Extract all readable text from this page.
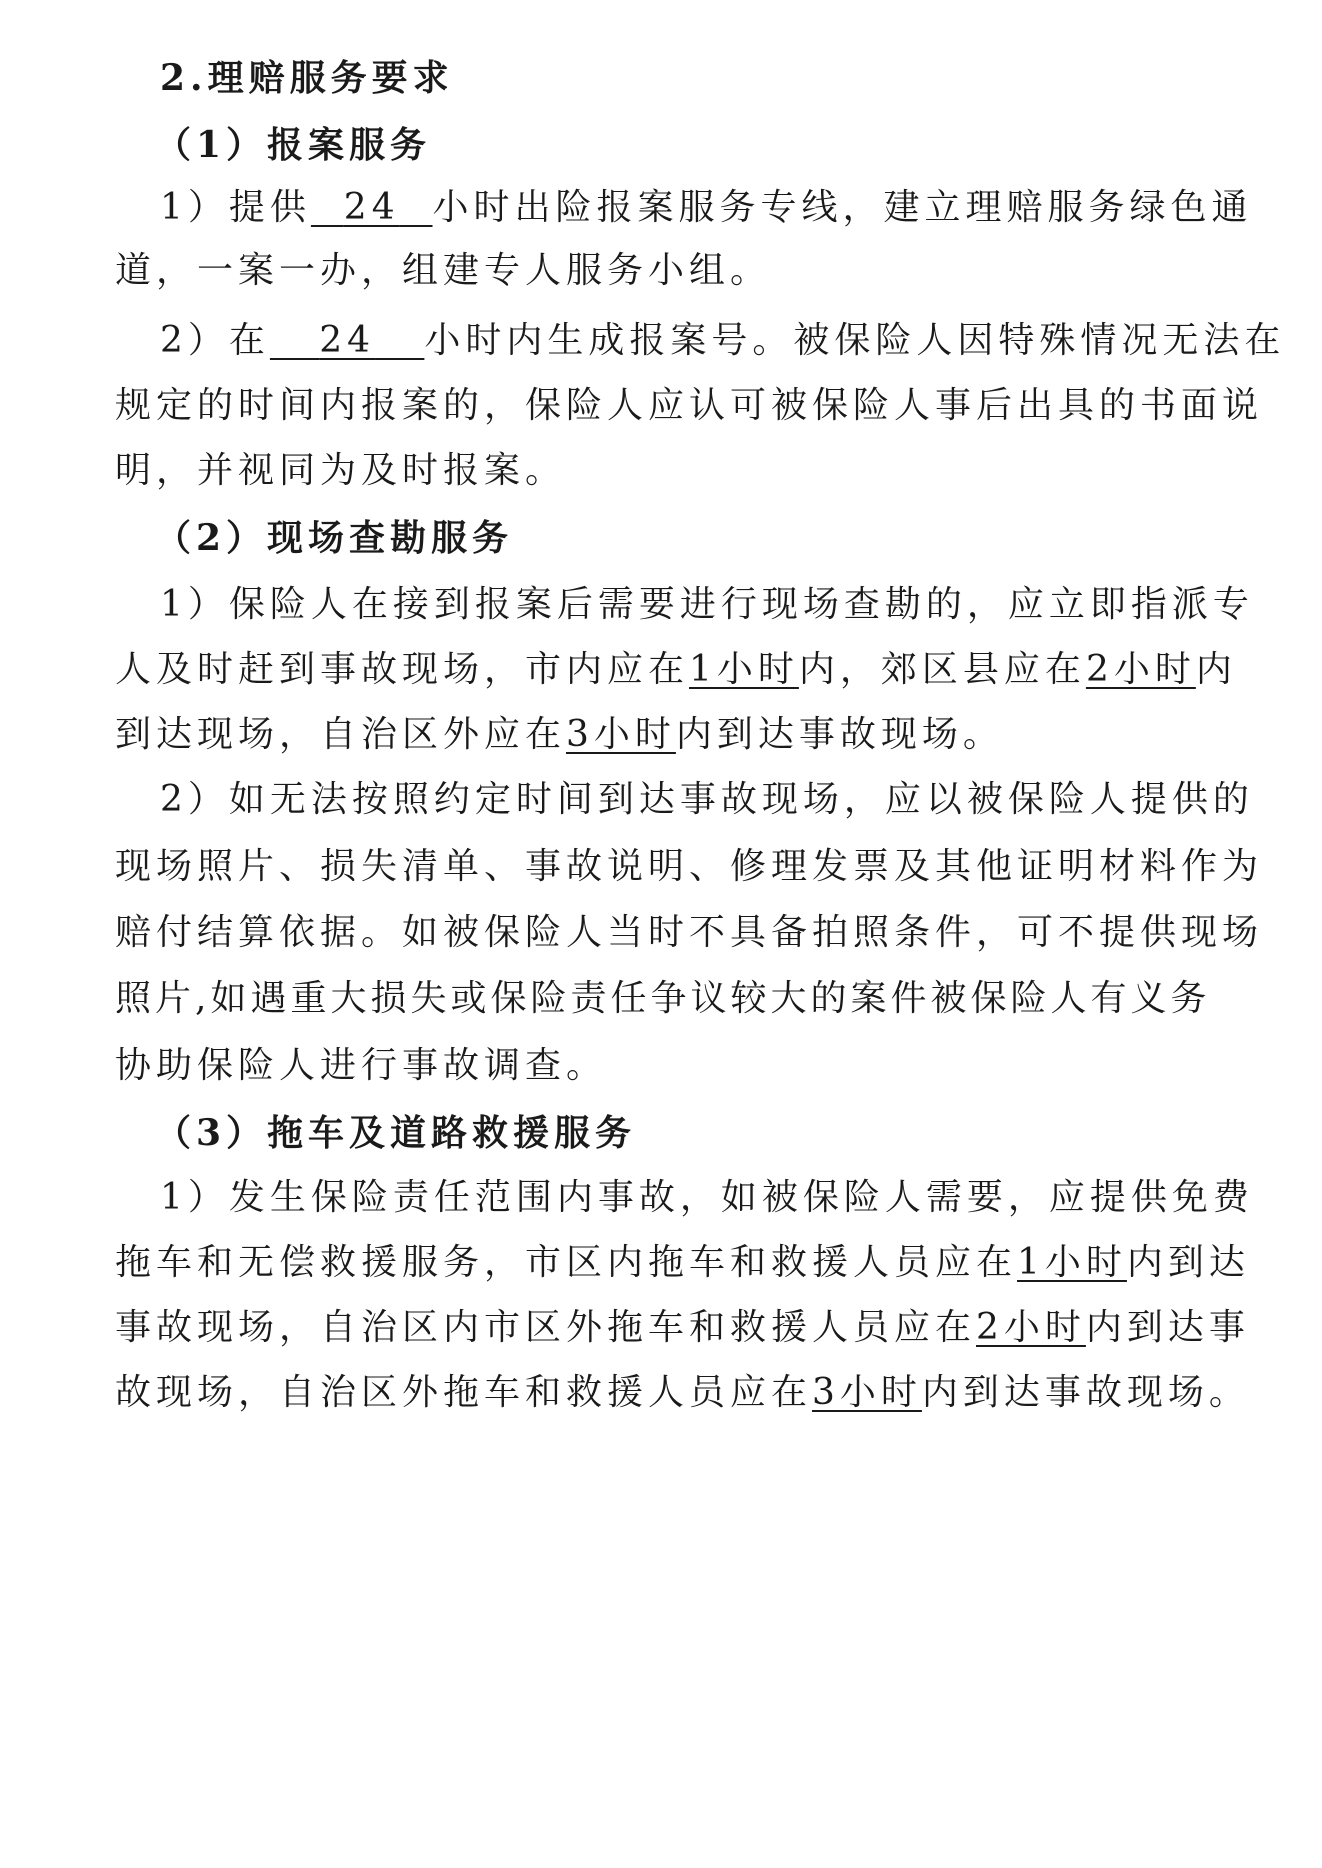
2.理赔服务要求
（1）报案服务
1）提供 24 小时出险报案服务专线，建立理赔服务绿色通
道，一案一办，组建专人服务小组。
2）在 24 小时内生成报案号。被保险人因特殊情况无法在
规定的时间内报案的，保险人应认可被保险人事后出具的书面说
明，并视同为及时报案。
（2）现场查勘服务
1）保险人在接到报案后需要进行现场查勘的，应立即指派专
人及时赶到事故现场，市内应在1小时内，郊区县应在2小时内
到达现场，自治区外应在3小时内到达事故现场。
2）如无法按照约定时间到达事故现场，应以被保险人提供的
现场照片、损失清单、事故说明、修理发票及其他证明材料作为
赔付结算依据。如被保险人当时不具备拍照条件，可不提供现场
照片,如遇重大损失或保险责任争议较大的案件被保险人有义务
协助保险人进行事故调查。
（3）拖车及道路救援服务
1）发生保险责任范围内事故，如被保险人需要，应提供免费
拖车和无偿救援服务，市区内拖车和救援人员应在1小时内到达
事故现场，自治区内市区外拖车和救援人员应在2小时内到达事
故现场，自治区外拖车和救援人员应在3小时内到达事故现场。
